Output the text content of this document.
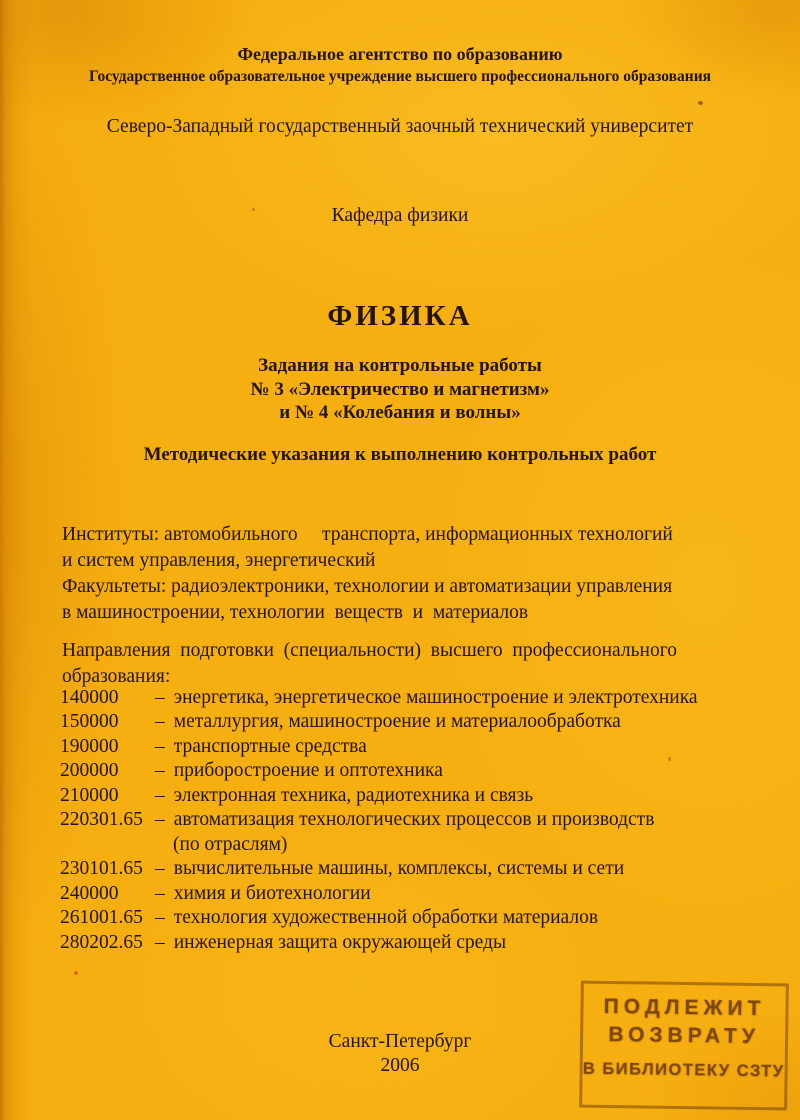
Федеральное агентство по образованию
Государственное образовательное учреждение высшего профессионального образования
Северо-Западный государственный заочный технический университет
Кафедра физики
ФИЗИКА
Задания на контрольные работы
№ 3 «Электричество и магнетизм»
и № 4 «Колебания и волны»
Методические указания к выполнению контрольных работ
Институты: автомобильного     транспорта, информационных технологий
и систем управления, энергетический
Факультеты: радиоэлектроники, технологии и автоматизации управления
в машиностроении, технологии  веществ  и  материалов
Направления  подготовки  (специальности)  высшего  профессионального
образования:
140000	– энергетика, энергетическое машиностроение и электротехника
150000	– металлургия, машиностроение и материалообработка
190000	– транспортные средства
200000	– приборостроение и оптотехника
210000	– электронная техника, радиотехника и связь
220301.65 – автоматизация технологических процессов и производств
(по отраслям)
230101.65 – вычислительные машины, комплексы, системы и сети
240000	– химия и биотехнологии
261001.65 – технология художественной обработки материалов
280202.65 – инженерная защита окружающей среды
Санкт-Петербург
2006
ПОДЛЕЖИТ
ВОЗВРАТУ
В БИБЛИОТЕКУ СЗТУ
